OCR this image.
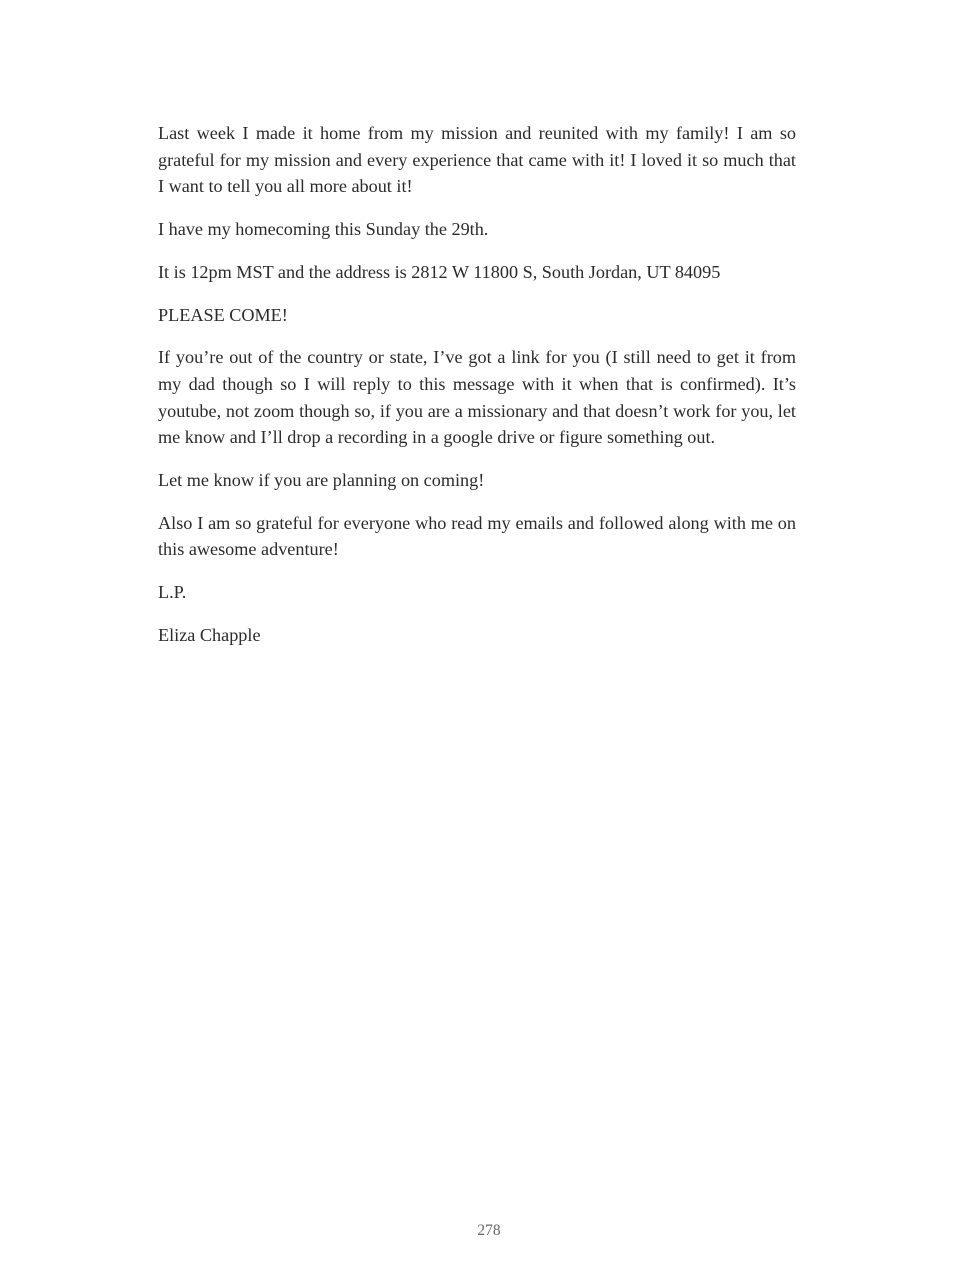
Last week I made it home from my mission and reunited with my family! I am so grateful for my mission and every experience that came with it! I loved it so much that I want to tell you all more about it!

I have my homecoming this Sunday the 29th.

It is 12pm MST and the address is 2812 W 11800 S, South Jordan, UT 84095

PLEASE COME!

If you’re out of the country or state, I’ve got a link for you (I still need to get it from my dad though so I will reply to this message with it when that is confirmed). It’s youtube, not zoom though so, if you are a missionary and that doesn’t work for you, let me know and I’ll drop a recording in a google drive or figure something out.

Let me know if you are planning on coming!

Also I am so grateful for everyone who read my emails and followed along with me on this awesome adventure!

L.P.

Eliza Chapple

278
